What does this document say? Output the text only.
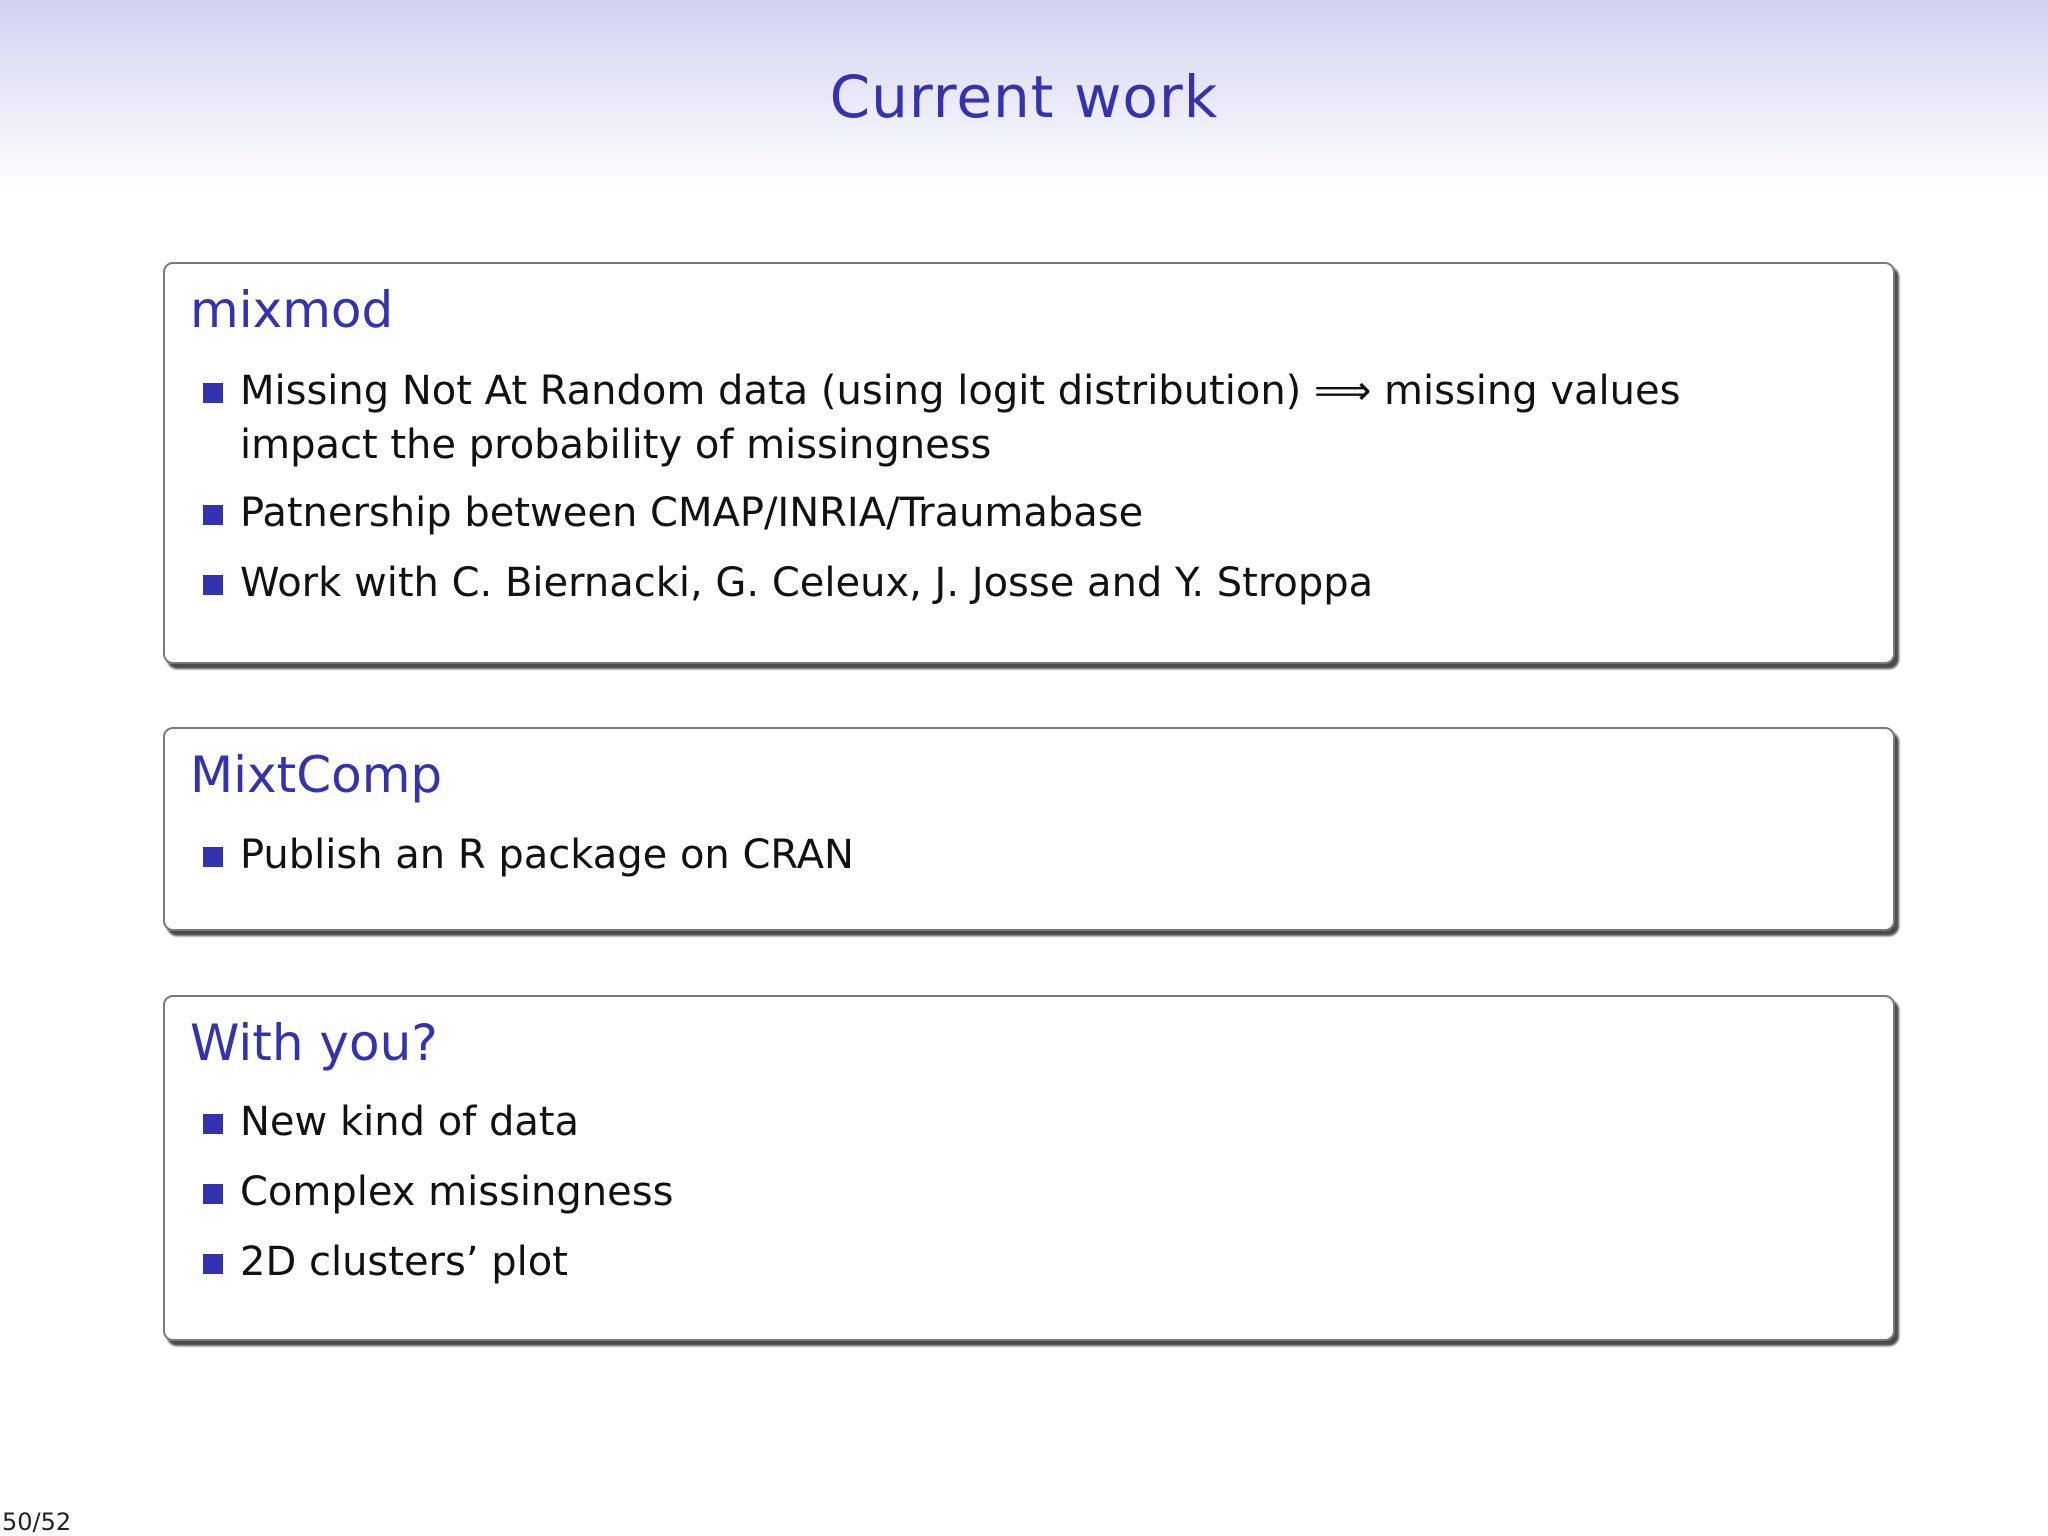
Current work
mixmod
Missing Not At Random data (using logit distribution) ⟹ missing values impact the probability of missingness
Patnership between CMAP/INRIA/Traumabase
Work with C. Biernacki, G. Celeux, J. Josse and Y. Stroppa
MixtComp
Publish an R package on CRAN
With you?
New kind of data
Complex missingness
2D clusters’ plot
50/52
